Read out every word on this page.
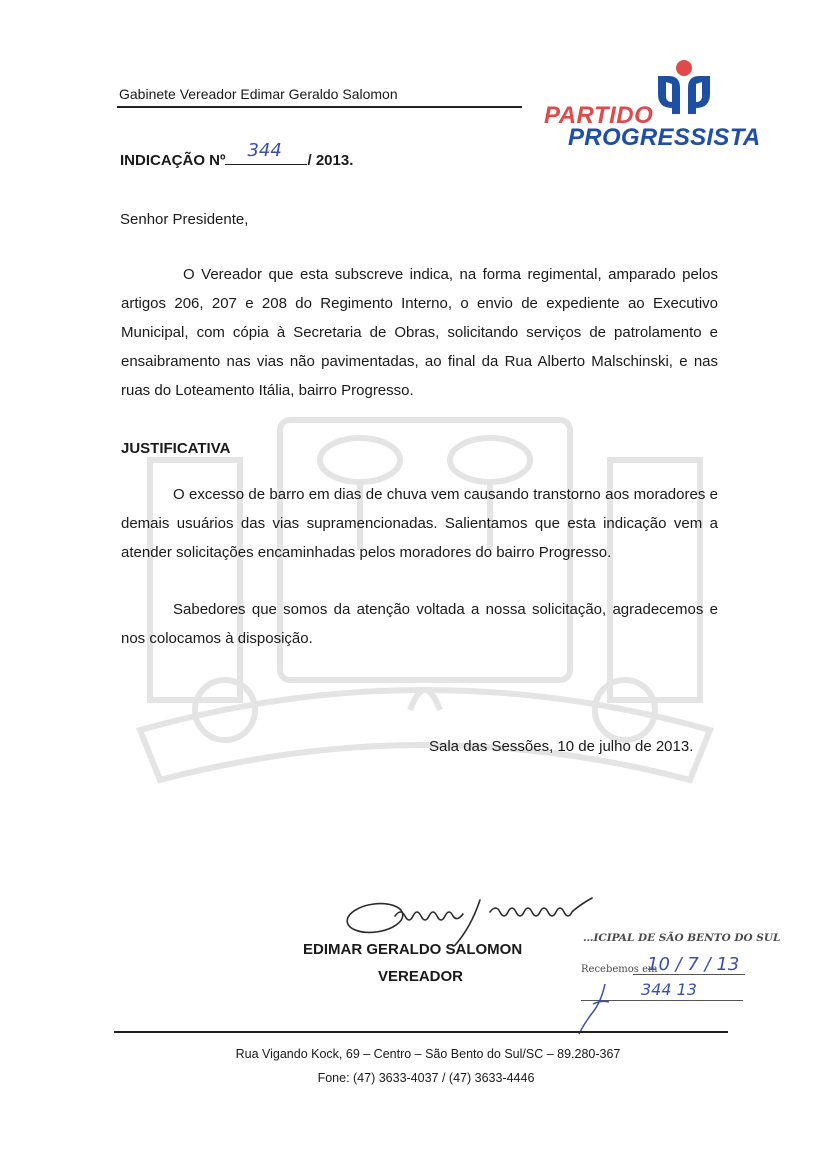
Gabinete Vereador Edimar Geraldo Salomon
PARTIDO
PROGRESSISTA
INDICAÇÃO Nº 344 / 2013.
Senhor Presidente,
O Vereador que esta subscreve indica, na forma regimental, amparado pelos artigos 206, 207 e 208 do Regimento Interno, o envio de expediente ao Executivo Municipal, com cópia à Secretaria de Obras, solicitando serviços de patrolamento e ensaibramento nas vias não pavimentadas, ao final da Rua Alberto Malschinski, e nas ruas do Loteamento Itália, bairro Progresso.
JUSTIFICATIVA
O excesso de barro em dias de chuva vem causando transtorno aos moradores e demais usuários das vias supramencionadas. Salientamos que esta indicação vem a atender solicitações encaminhadas pelos moradores do bairro Progresso.
Sabedores que somos da atenção voltada a nossa solicitação, agradecemos e nos colocamos à disposição.
Sala das Sessões, 10 de julho de 2013.
EDIMAR GERALDO SALOMON
VEREADOR
…ICIPAL DE SÃO BENTO DO SUL
Recebemos em
10 / 7 / 13
344 13
Rua Vigando Kock, 69 – Centro – São Bento do Sul/SC – 89.280-367
Fone: (47) 3633-4037 / (47) 3633-4446
